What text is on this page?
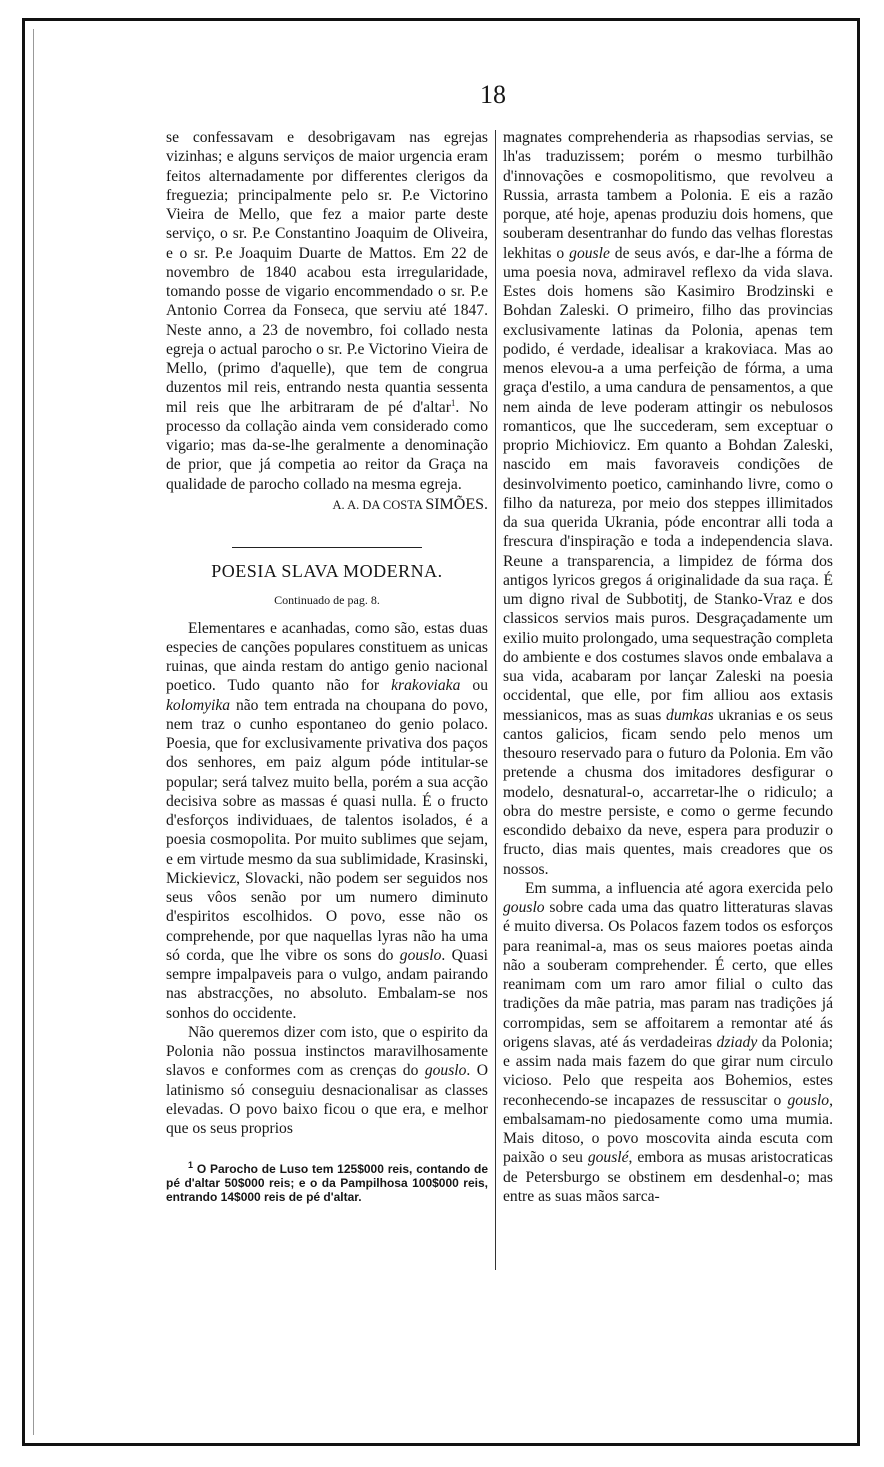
18

se confessavam e desobrigavam nas egrejas vizinhas; e alguns serviços de maior urgencia eram feitos alternadamente por differentes clerigos da freguezia; principalmente pelo sr. P.e Victorino Vieira de Mello, que fez a maior parte deste serviço, o sr. P.e Constantino Joaquim de Oliveira, e o sr. P.e Joaquim Duarte de Mattos. Em 22 de novembro de 1840 acabou esta irregularidade, tomando posse de vigario encommendado o sr. P.e Antonio Correa da Fonseca, que serviu até 1847. Neste anno, a 23 de novembro, foi collado nesta egreja o actual parocho o sr. P.e Victorino Vieira de Mello, (primo d'aquelle), que tem de congrua duzentos mil reis, entrando nesta quantia sessenta mil reis que lhe arbitraram de pé d'altar$^1$. No processo da collação ainda vem considerado como vigario; mas da-se-lhe geralmente a denominação de prior, que já competia ao reitor da Graça na qualidade de parocho collado na mesma egreja.

A. A. DA COSTA SIMÕES.

POESIA SLAVA MODERNA.

Continuado de pag. 8.

Elementares e acanhadas, como são, estas duas especies de canções populares constituem as unicas ruinas, que ainda restam do antigo genio nacional poetico. Tudo quanto não for krakoviaka ou kolomyika não tem entrada na choupana do povo, nem traz o cunho espontaneo do genio polaco. Poesia, que for exclusivamente privativa dos paços dos senhores, em paiz algum póde intitular-se popular; será talvez muito bella, porém a sua acção decisiva sobre as massas é quasi nulla. É o fructo d'esforços individuaes, de talentos isolados, é a poesia cosmopolita. Por muito sublimes que sejam, e em virtude mesmo da sua sublimidade, Krasinski, Mickievicz, Slovacki, não podem ser seguidos nos seus vôos senão por um numero diminuto d'espiritos escolhidos. O povo, esse não os comprehende, por que naquellas lyras não ha uma só corda, que lhe vibre os sons do gouslo. Quasi sempre impalpaveis para o vulgo, andam pairando nas abstracções, no absoluto. Embalam-se nos sonhos do occidente.

Não queremos dizer com isto, que o espirito da Polonia não possua instinctos maravilhosamente slavos e conformes com as crenças do gouslo. O latinismo só conseguiu desnacionalisar as classes elevadas. O povo baixo ficou o que era, e melhor que os seus proprios

$^1$ O Parocho de Luso tem 125$000 reis, contando de pé d'altar 50$000 reis; e o da Pampilhosa 100$000 reis, entrando 14$000 reis de pé d'altar.

magnates comprehenderia as rhapsodias servias, se lh'as traduzissem; porém o mesmo turbilhão d'innovações e cosmopolitismo, que revolveu a Russia, arrasta tambem a Polonia. E eis a razão porque, até hoje, apenas produziu dois homens, que souberam desentranhar do fundo das velhas florestas lekhitas o gousle de seus avós, e dar-lhe a fórma de uma poesia nova, admiravel reflexo da vida slava. Estes dois homens são Kasimiro Brodzinski e Bohdan Zaleski. O primeiro, filho das provincias exclusivamente latinas da Polonia, apenas tem podido, é verdade, idealisar a krakoviaca. Mas ao menos elevou-a a uma perfeição de fórma, a uma graça d'estilo, a uma candura de pensamentos, a que nem ainda de leve poderam attingir os nebulosos romanticos, que lhe succederam, sem exceptuar o proprio Michiovicz. Em quanto a Bohdan Zaleski, nascido em mais favoraveis condições de desinvolvimento poetico, caminhando livre, como o filho da natureza, por meio dos steppes illimitados da sua querida Ukrania, póde encontrar alli toda a frescura d'inspiração e toda a independencia slava. Reune a transparencia, a limpidez de fórma dos antigos lyricos gregos á originalidade da sua raça. É um digno rival de Subbotitj, de Stanko-Vraz e dos classicos servios mais puros. Desgraçadamente um exilio muito prolongado, uma sequestração completa do ambiente e dos costumes slavos onde embalava a sua vida, acabaram por lançar Zaleski na poesia occidental, que elle, por fim alliou aos extasis messianicos, mas as suas dumkas ukranias e os seus cantos galicios, ficam sendo pelo menos um thesouro reservado para o futuro da Polonia. Em vão pretende a chusma dos imitadores desfigurar o modelo, desnatural-o, accarretar-lhe o ridiculo; a obra do mestre persiste, e como o germe fecundo escondido debaixo da neve, espera para produzir o fructo, dias mais quentes, mais creadores que os nossos.

Em summa, a influencia até agora exercida pelo gouslo sobre cada uma das quatro litteraturas slavas é muito diversa. Os Polacos fazem todos os esforços para reanimal-a, mas os seus maiores poetas ainda não a souberam comprehender. É certo, que elles reanimam com um raro amor filial o culto das tradições da mãe patria, mas param nas tradições já corrompidas, sem se affoitarem a remontar até ás origens slavas, até ás verdadeiras dziady da Polonia; e assim nada mais fazem do que girar num circulo vicioso. Pelo que respeita aos Bohemios, estes reconhecendo-se incapazes de ressuscitar o gouslo, embalsamam-no piedosamente como uma mumia. Mais ditoso, o povo moscovita ainda escuta com paixão o seu gouslé, embora as musas aristocraticas de Petersburgo se obstinem em desdenhal-o; mas entre as suas mãos sarca-
